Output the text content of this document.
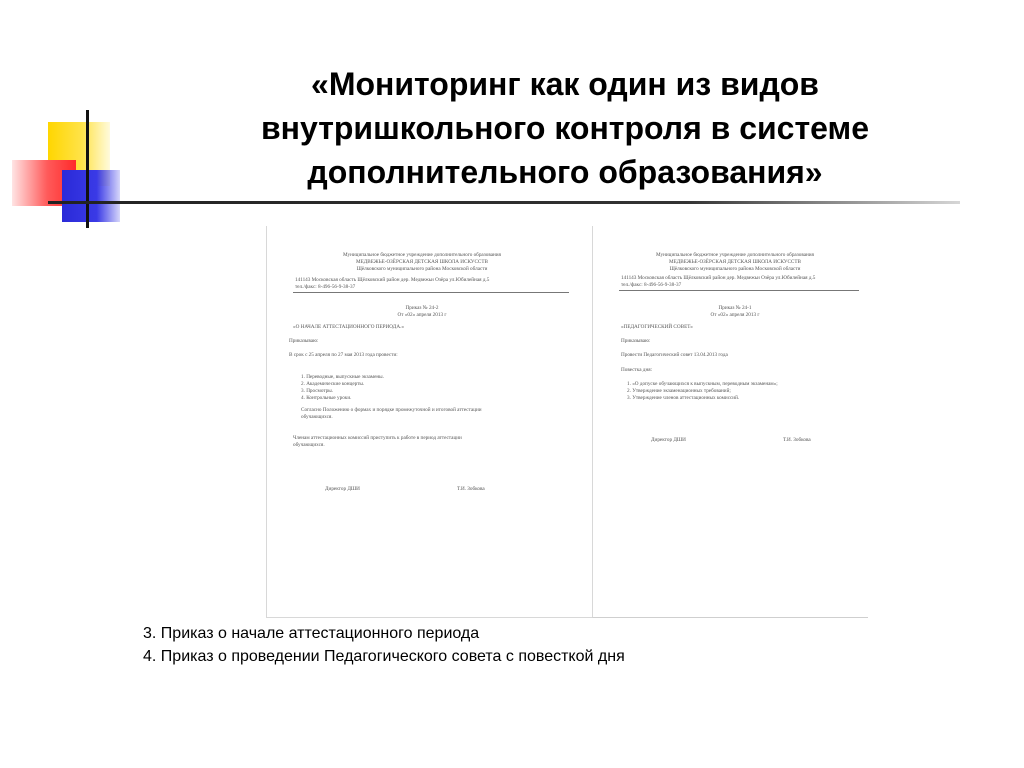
«Мониторинг как один из видов внутришкольного контроля в системе дополнительного образования»
Муниципальное бюджетное учреждение дополнительного образования
МЕДВЕЖЬЕ-ОЗЁРСКАЯ ДЕТСКАЯ ШКОЛА ИСКУССТВ
Щёлковского муниципального района Московской области
141143 Московская область Щёлковский район дер. Медвежьи Озёра ул.Юбилейная д.5
тел./факс: 8-496-56-9-38-37
Приказ № 24-2
От «02» апреля 2013 г
«О НАЧАЛЕ АТТЕСТАЦИОННОГО ПЕРИОДА.»
Приказываю:
В срок с 25 апреля по 27 мая 2013 года провести:
1. Переводные, выпускные экзамены.
2. Академические концерты.
3. Просмотры.
4. Контрольные уроки.
Согласно Положению о формах и порядке промежуточной и итоговой аттестации
обучающихся.
Членам аттестационных комиссий приступить к работе в период аттестации
обучающихся.
Директор ДШИ	Т.И. Зобкова
Муниципальное бюджетное учреждение дополнительного образования
МЕДВЕЖЬЕ-ОЗЁРСКАЯ ДЕТСКАЯ ШКОЛА ИСКУССТВ
Щёлковского муниципального района Московской области
141143 Московская область Щёлковский район дер. Медвежьи Озёра ул.Юбилейная д.5
тел./факс: 8-496-56-9-38-37
Приказ № 24-1
От «02» апреля 2013 г
«ПЕДАГОГИЧЕСКИЙ СОВЕТ»
Приказываю:
Провести Педагогический совет 13.04.2013 года
Повестка дня:
1. «О допуске обучающихся к выпускным, переводным экзаменам»;
2. Утверждение экзаменационных требований;
3. Утверждение членов аттестационных комиссий.
Директор ДШИ	Т.И. Зобкова
3. Приказ о начале аттестационного периода
4. Приказ о проведении Педагогического совета с повесткой дня
